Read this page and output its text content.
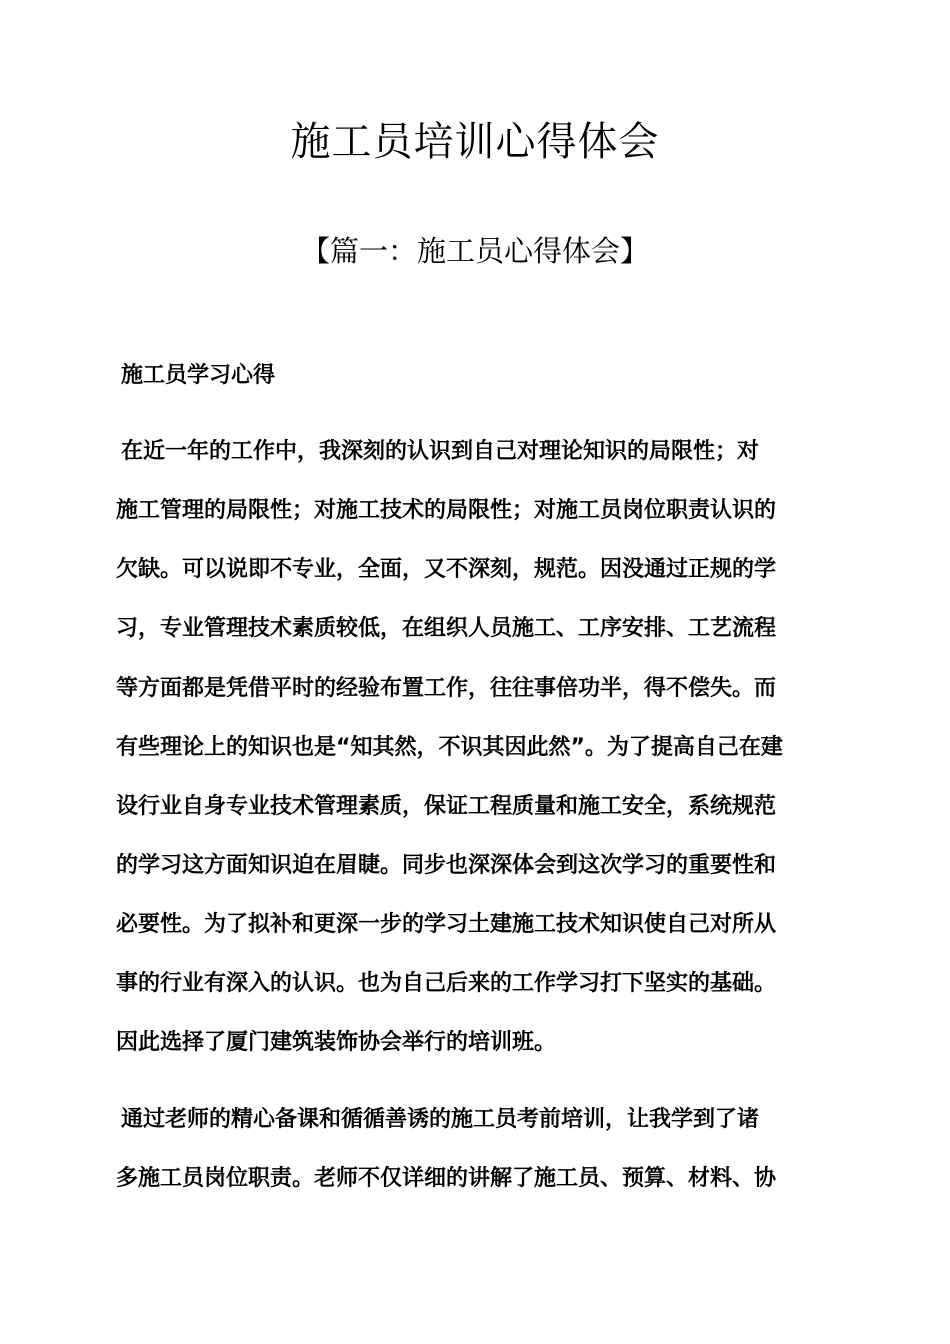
施工员培训心得体会
【篇一：施工员心得体会】
施工员学习心得
在近一年的工作中，我深刻的认识到自己对理论知识的局限性；对
施工管理的局限性；对施工技术的局限性；对施工员岗位职责认识的
欠缺。可以说即不专业，全面，又不深刻，规范。因没通过正规的学
习，专业管理技术素质较低，在组织人员施工、工序安排、工艺流程
等方面都是凭借平时的经验布置工作，往往事倍功半，得不偿失。而
有些理论上的知识也是“知其然，不识其因此然”。为了提高自己在建
设行业自身专业技术管理素质，保证工程质量和施工安全，系统规范
的学习这方面知识迫在眉睫。同步也深深体会到这次学习的重要性和
必要性。为了拟补和更深一步的学习土建施工技术知识使自己对所从
事的行业有深入的认识。也为自己后来的工作学习打下坚实的基础。
因此选择了厦门建筑装饰协会举行的培训班。
通过老师的精心备课和循循善诱的施工员考前培训，让我学到了诸
多施工员岗位职责。老师不仅详细的讲解了施工员、预算、材料、协
